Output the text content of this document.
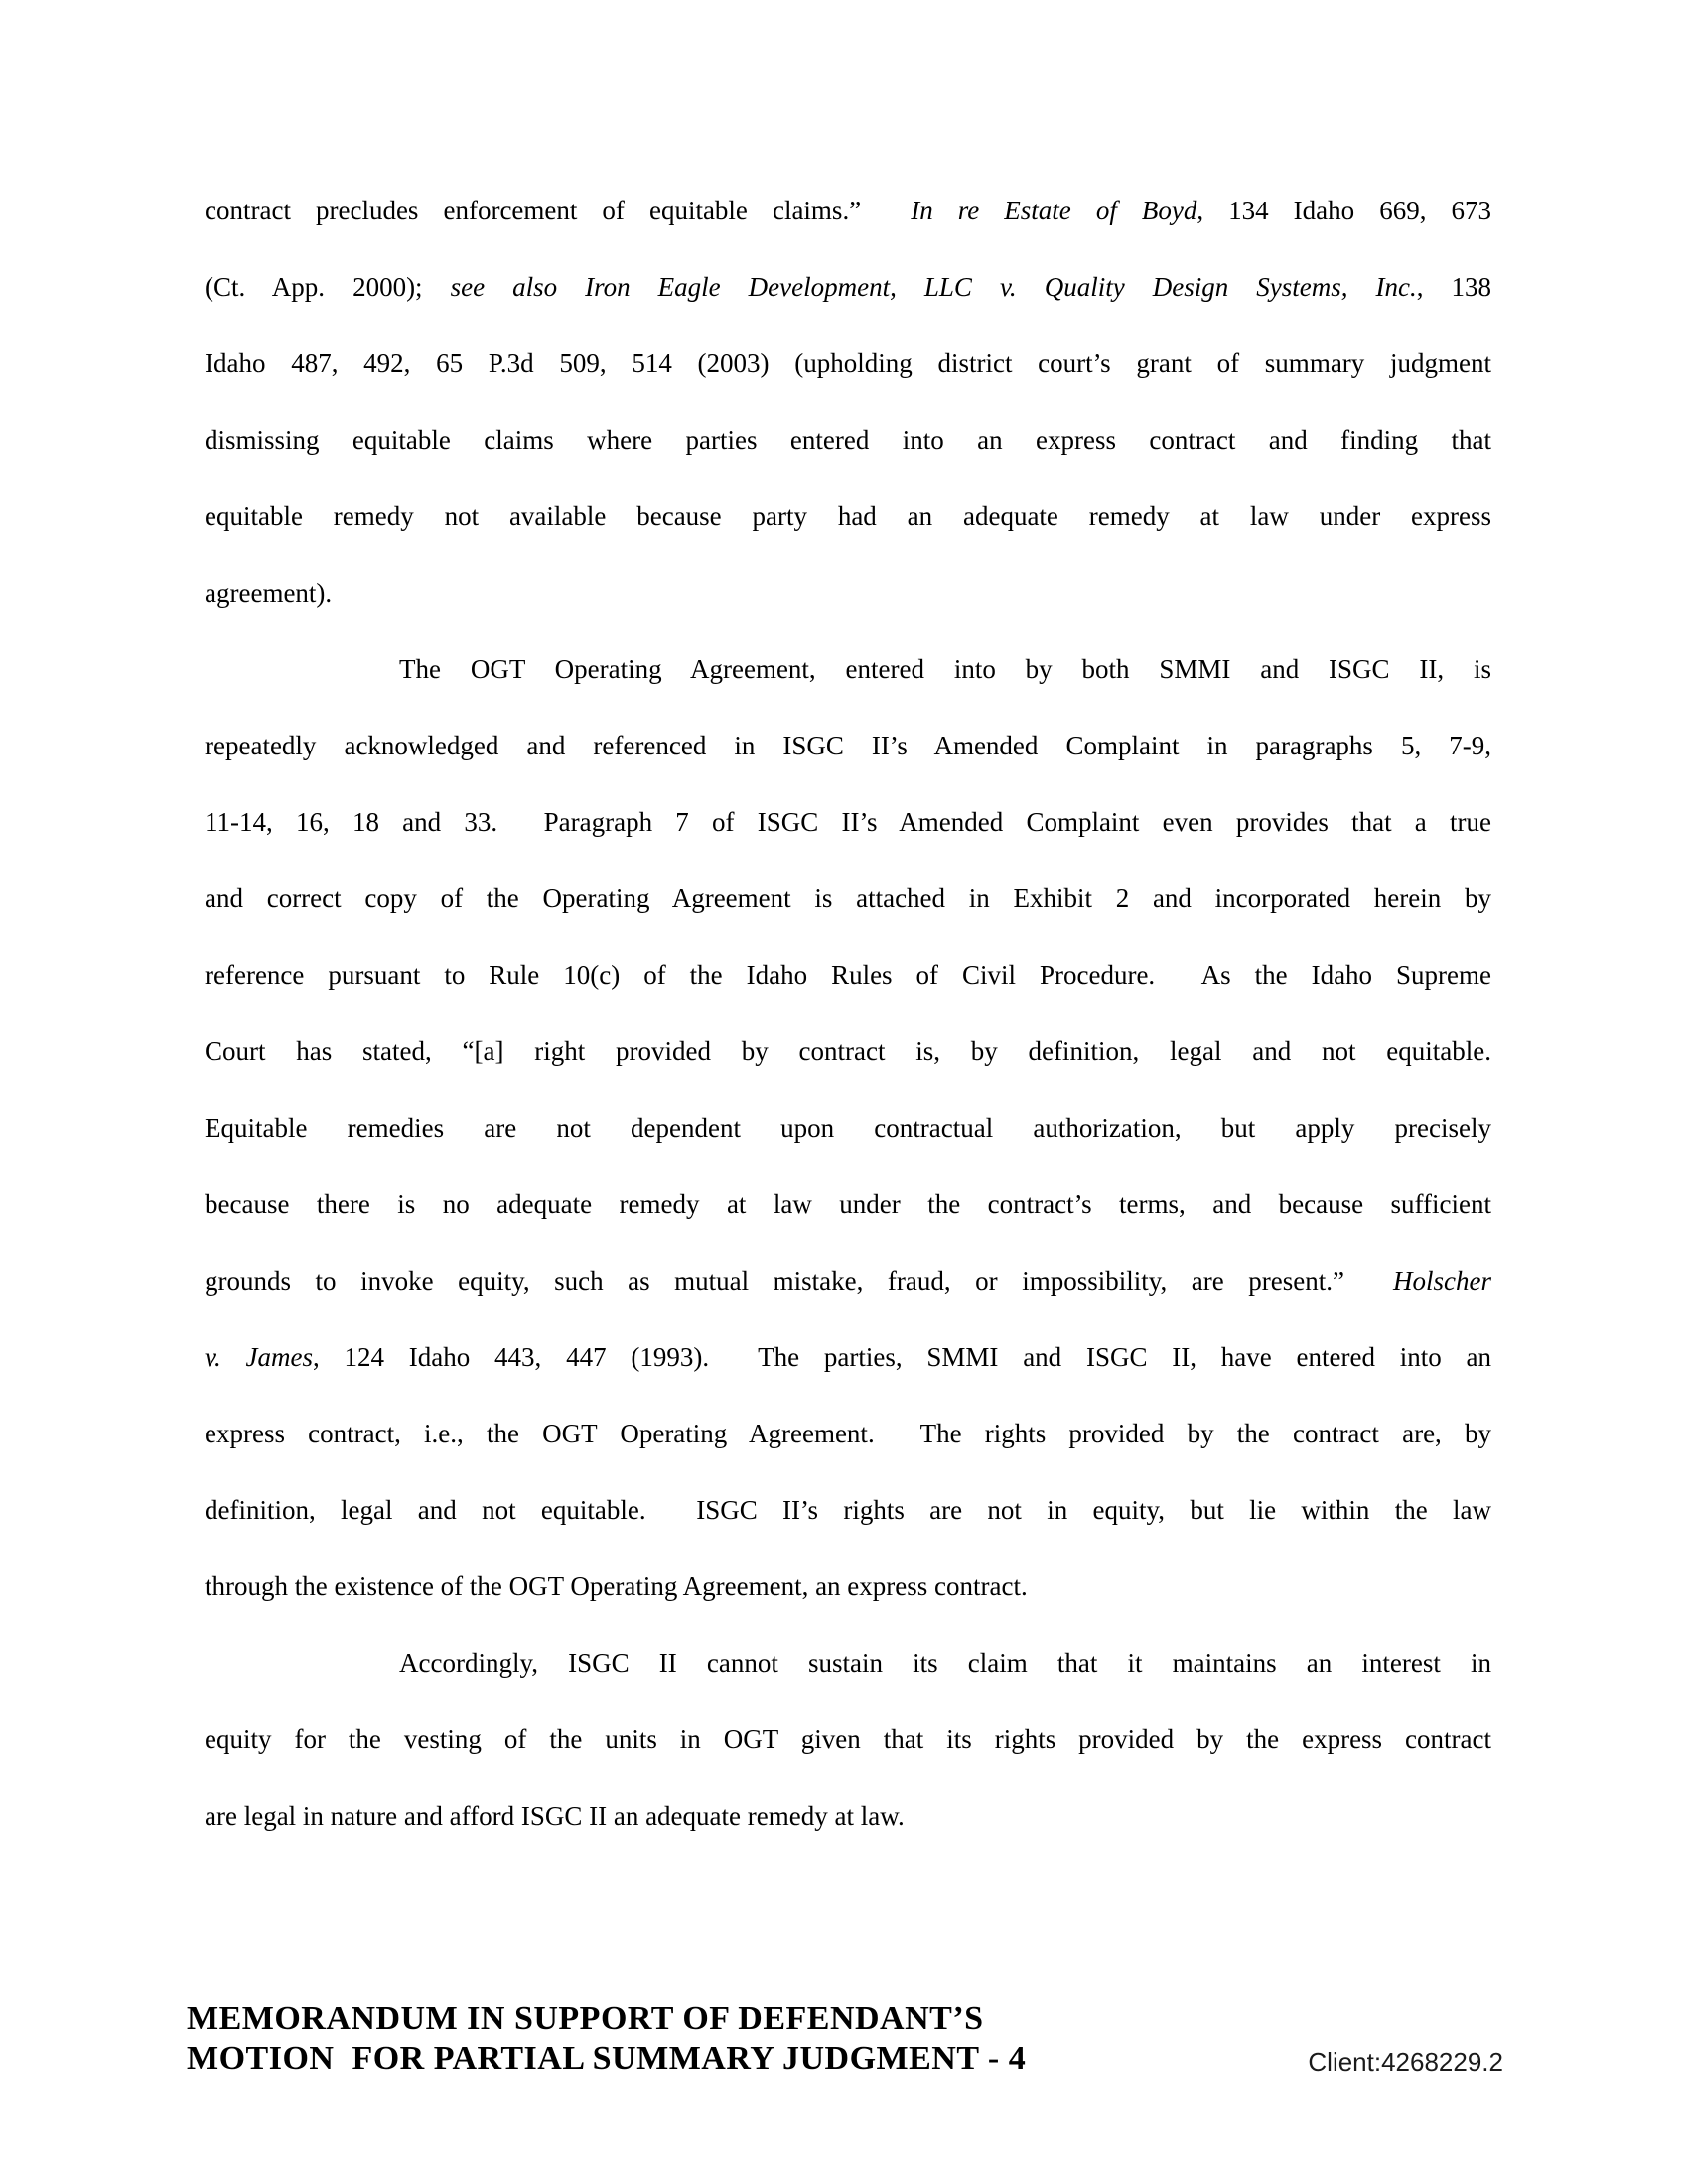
contract precludes enforcement of equitable claims.”  In re Estate of Boyd, 134 Idaho 669, 673
(Ct. App. 2000); see also Iron Eagle Development, LLC v. Quality Design Systems, Inc., 138
Idaho 487, 492, 65 P.3d 509, 514 (2003) (upholding district court’s grant of summary judgment
dismissing equitable claims where parties entered into an express contract and finding that
equitable remedy not available because party had an adequate remedy at law under express
agreement).
The OGT Operating Agreement, entered into by both SMMI and ISGC II, is
repeatedly acknowledged and referenced in ISGC II’s Amended Complaint in paragraphs 5, 7-9,
11-14, 16, 18 and 33.  Paragraph 7 of ISGC II’s Amended Complaint even provides that a true
and correct copy of the Operating Agreement is attached in Exhibit 2 and incorporated herein by
reference pursuant to Rule 10(c) of the Idaho Rules of Civil Procedure.  As the Idaho Supreme
Court has stated, “[a] right provided by contract is, by definition, legal and not equitable.
Equitable remedies are not dependent upon contractual authorization, but apply precisely
because there is no adequate remedy at law under the contract’s terms, and because sufficient
grounds to invoke equity, such as mutual mistake, fraud, or impossibility, are present.”  Holscher
v. James, 124 Idaho 443, 447 (1993).  The parties, SMMI and ISGC II, have entered into an
express contract, i.e., the OGT Operating Agreement.  The rights provided by the contract are, by
definition, legal and not equitable.  ISGC II’s rights are not in equity, but lie within the law
through the existence of the OGT Operating Agreement, an express contract.
Accordingly, ISGC II cannot sustain its claim that it maintains an interest in
equity for the vesting of the units in OGT given that its rights provided by the express contract
are legal in nature and afford ISGC II an adequate remedy at law.
MEMORANDUM IN SUPPORT OF DEFENDANT’S
MOTION  FOR PARTIAL SUMMARY JUDGMENT - 4	Client:4268229.2
